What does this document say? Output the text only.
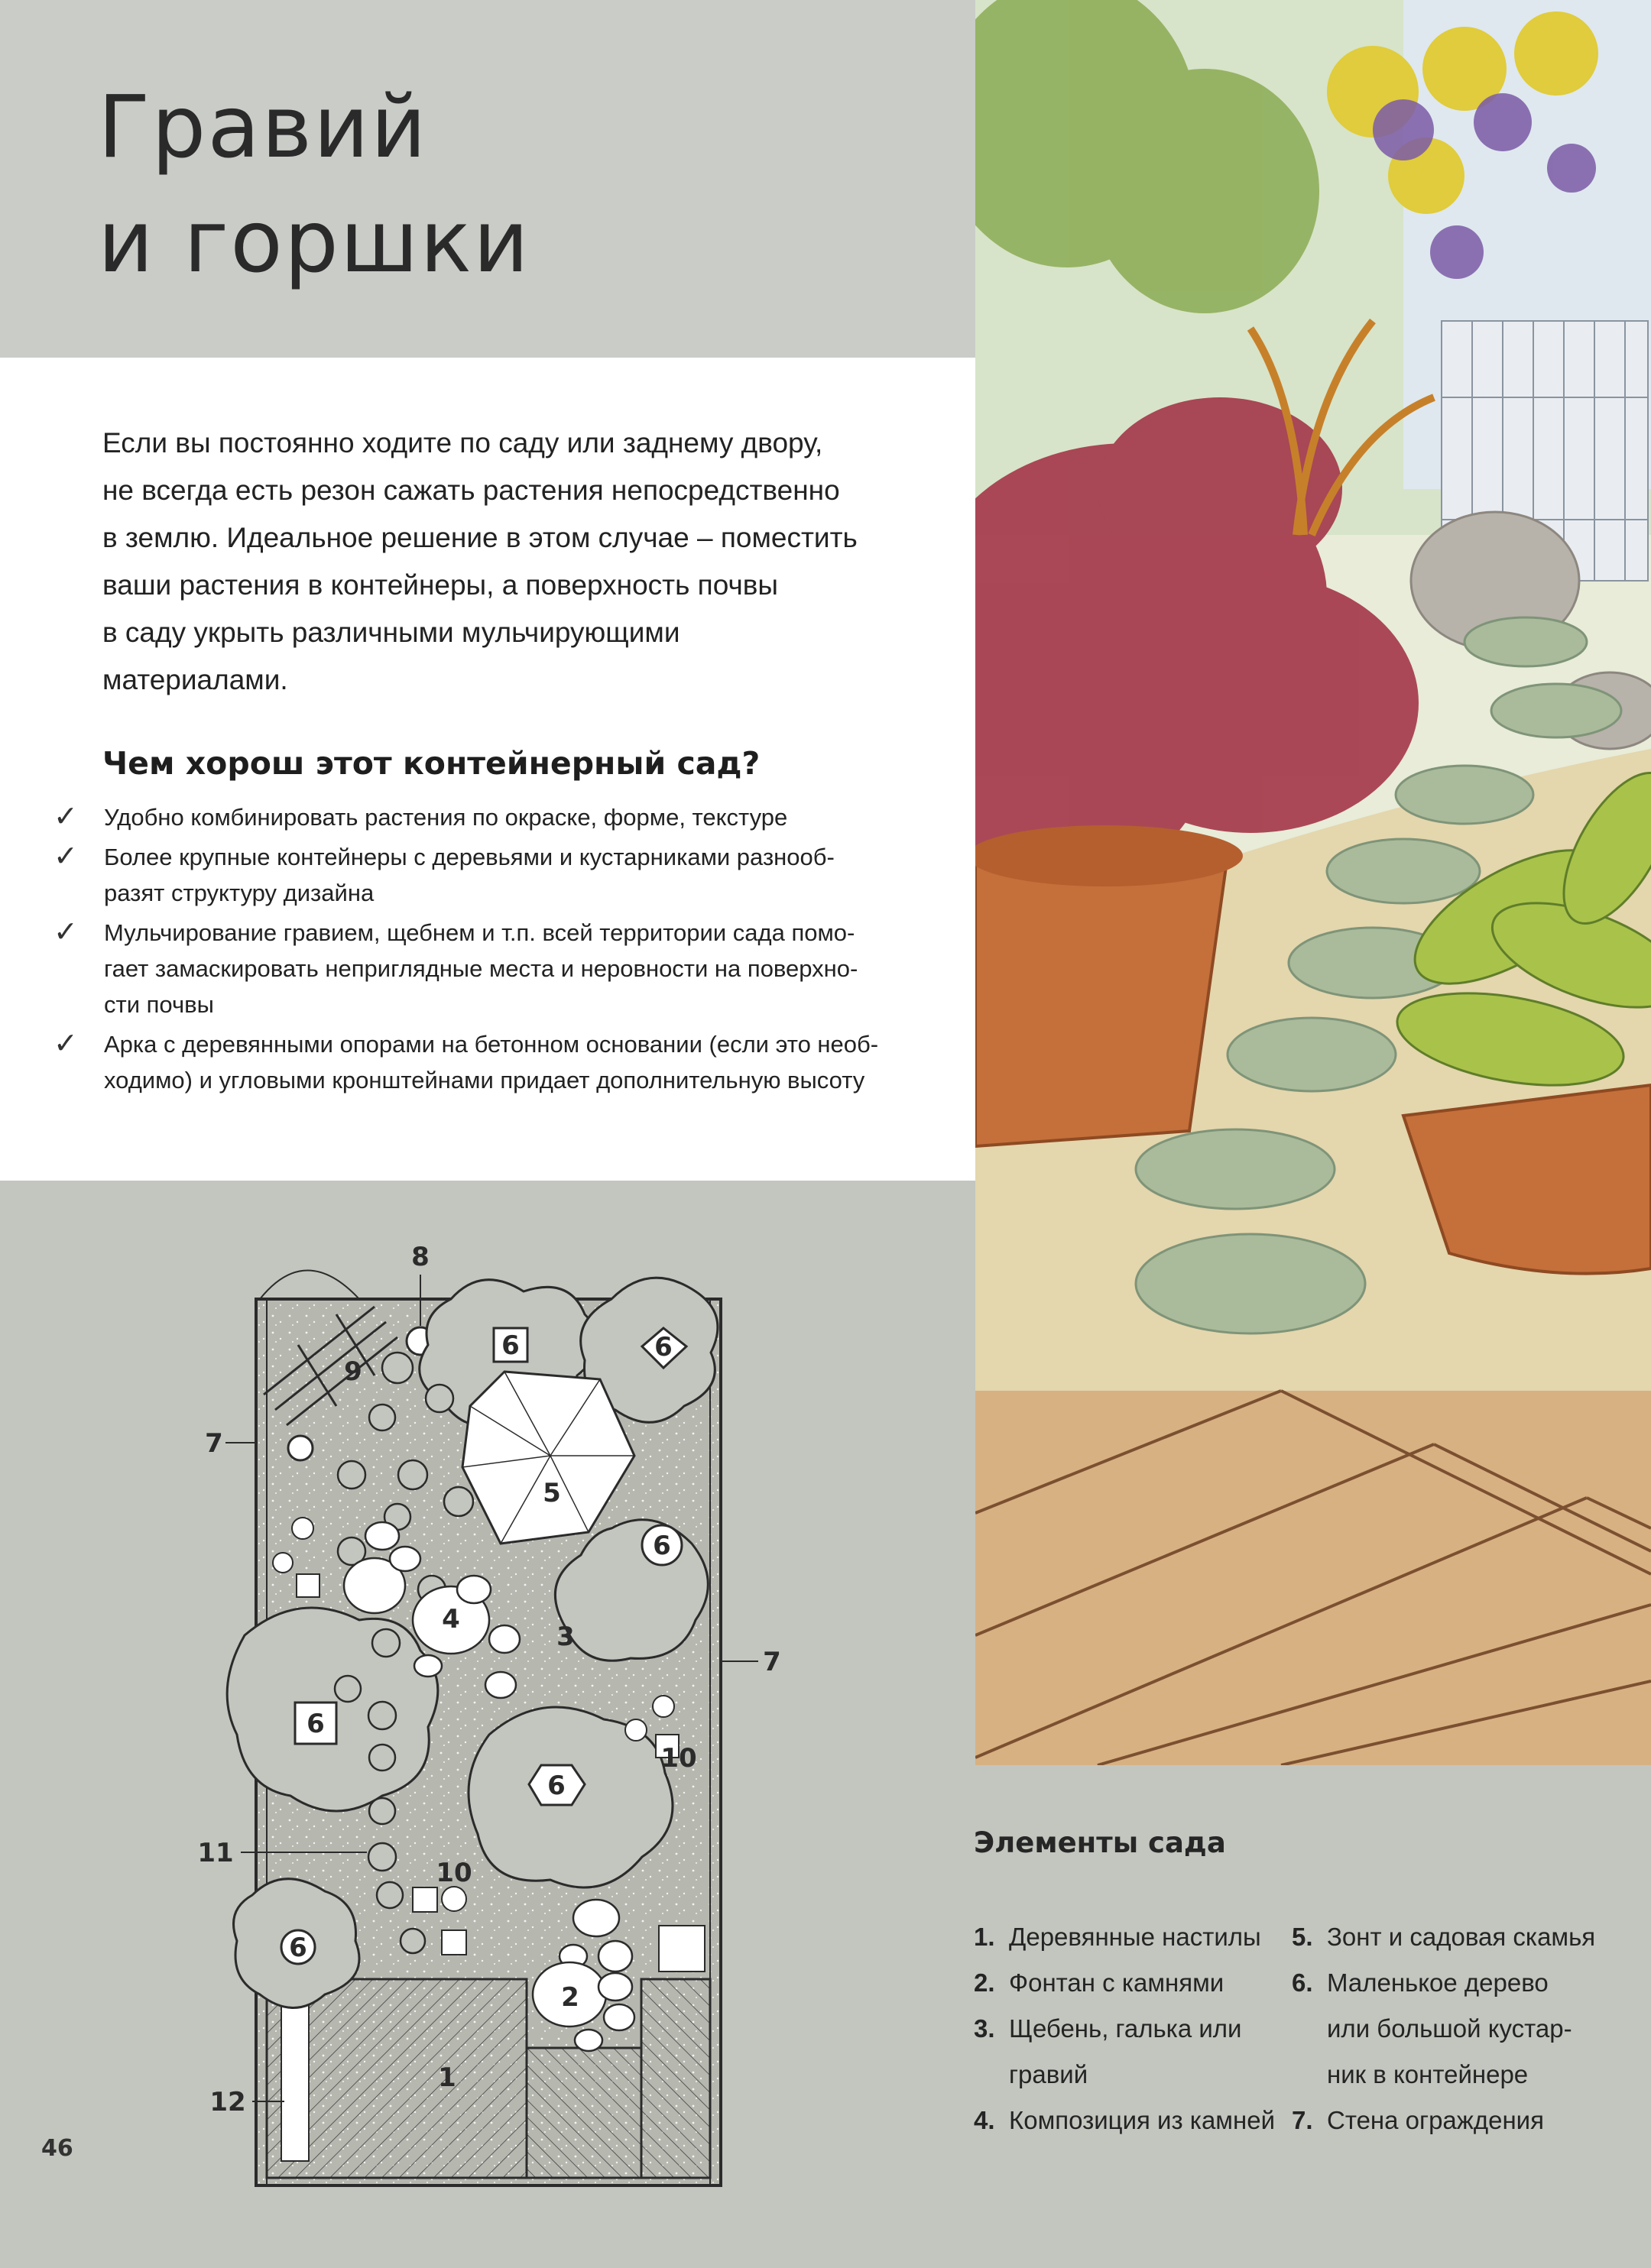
Гравий
и горшки

Если вы постоянно ходите по саду или заднему двору,
не всегда есть резон сажать растения непосредственно
в землю. Идеальное решение в этом случае – поместить
ваши растения в контейнеры, а поверхность почвы
в саду укрыть различными мульчирующими
материалами.

Чем хорош этот контейнерный сад?
✓ Удобно комбинировать растения по окраске, форме, текстуре
✓ Более крупные контейнеры с деревьями и кустарниками разнооб-
разят структуру дизайна
✓ Мульчирование гравием, щебнем и т.п. всей территории сада помо-
гает замаскировать неприглядные места и неровности на поверхно-
сти почвы
✓ Арка с деревянными опорами на бетонном основании (если это необ-
ходимо) и угловыми кронштейнами придает дополнительную высоту
1
2
3
4
5
6	6
6
6
6
6
7
7
8
9
10
10
11
12
46
Элементы сада
1. Деревянные настилы
2. Фонтан с камнями
3. Щебень, галька или
гравий
4. Композиция из камней
5. Зонт и садовая скамья
6. Маленькое дерево
или большой кустар-
ник в контейнере
7. Стена ограждения
